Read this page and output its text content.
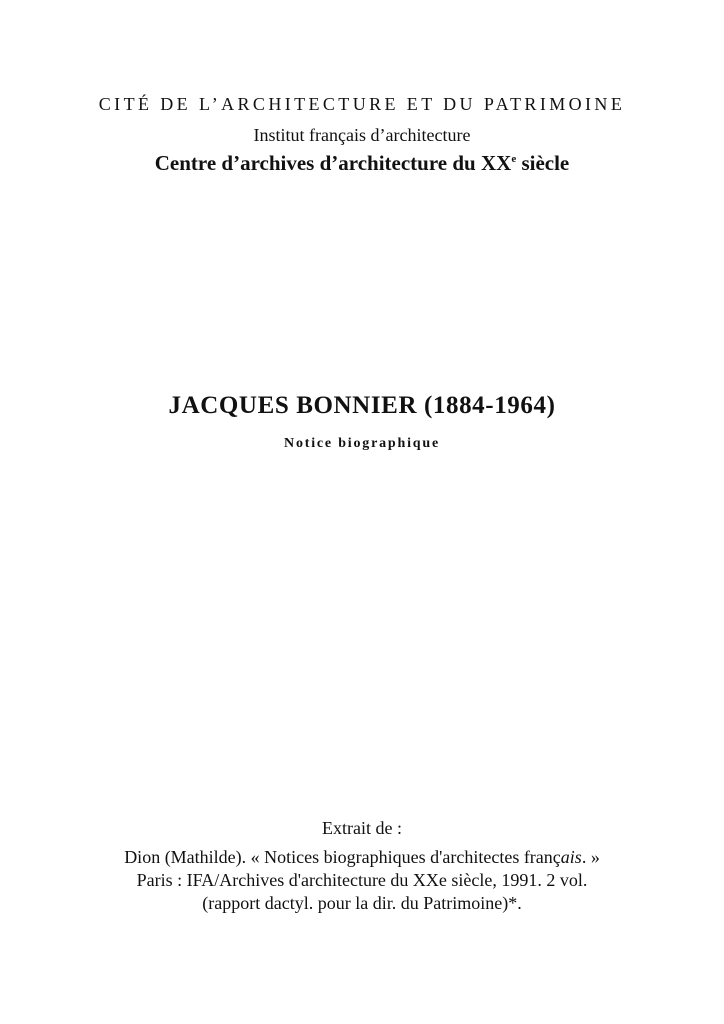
CITÉ DE L’ARCHITECTURE ET DU PATRIMOINE
Institut français d’architecture
Centre d’archives d’architecture du XXe siècle
JACQUES BONNIER (1884-1964)
Notice biographique
Extrait de :
Dion (Mathilde). « Notices biographiques d'architectes français. »
Paris : IFA/Archives d'architecture du XXe siècle, 1991. 2 vol.
(rapport dactyl. pour la dir. du Patrimoine)*.
